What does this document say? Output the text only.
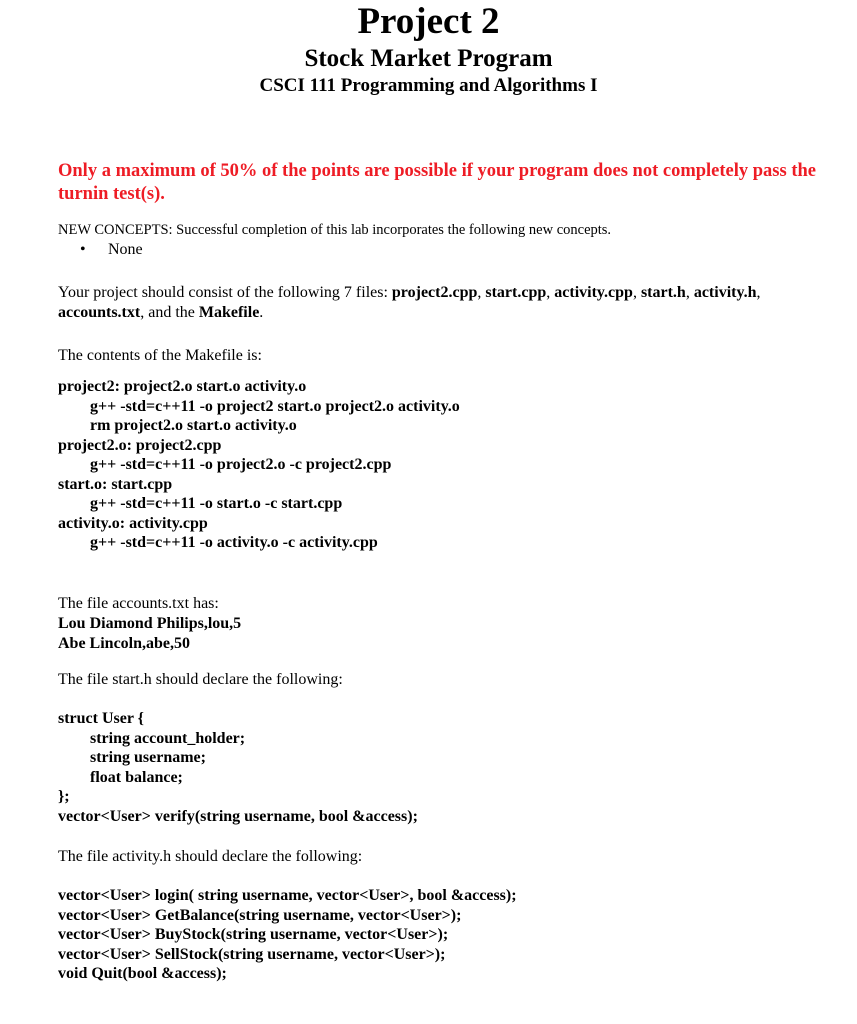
Project 2
Stock Market Program
CSCI 111 Programming and Algorithms I
Only a maximum of 50% of the points are possible if your program does not completely pass the turnin test(s).
NEW CONCEPTS: Successful completion of this lab incorporates the following new concepts.
• None
Your project should consist of the following 7 files: project2.cpp, start.cpp, activity.cpp, start.h, activity.h, accounts.txt, and the Makefile.
The contents of the Makefile is:
project2: project2.o start.o activity.o
g++ -std=c++11 -o project2 start.o project2.o activity.o
rm project2.o start.o activity.o
project2.o: project2.cpp
g++ -std=c++11 -o project2.o -c project2.cpp
start.o: start.cpp
g++ -std=c++11 -o start.o -c start.cpp
activity.o: activity.cpp
g++ -std=c++11 -o activity.o -c activity.cpp
The file accounts.txt has:
Lou Diamond Philips,lou,5
Abe Lincoln,abe,50
The file start.h should declare the following:
struct User {
string account_holder;
string username;
float balance;
};
vector<User> verify(string username, bool &access);
The file activity.h should declare the following:
vector<User> login( string username, vector<User>, bool &access);
vector<User> GetBalance(string username, vector<User>);
vector<User> BuyStock(string username, vector<User>);
vector<User> SellStock(string username, vector<User>);
void Quit(bool &access);
